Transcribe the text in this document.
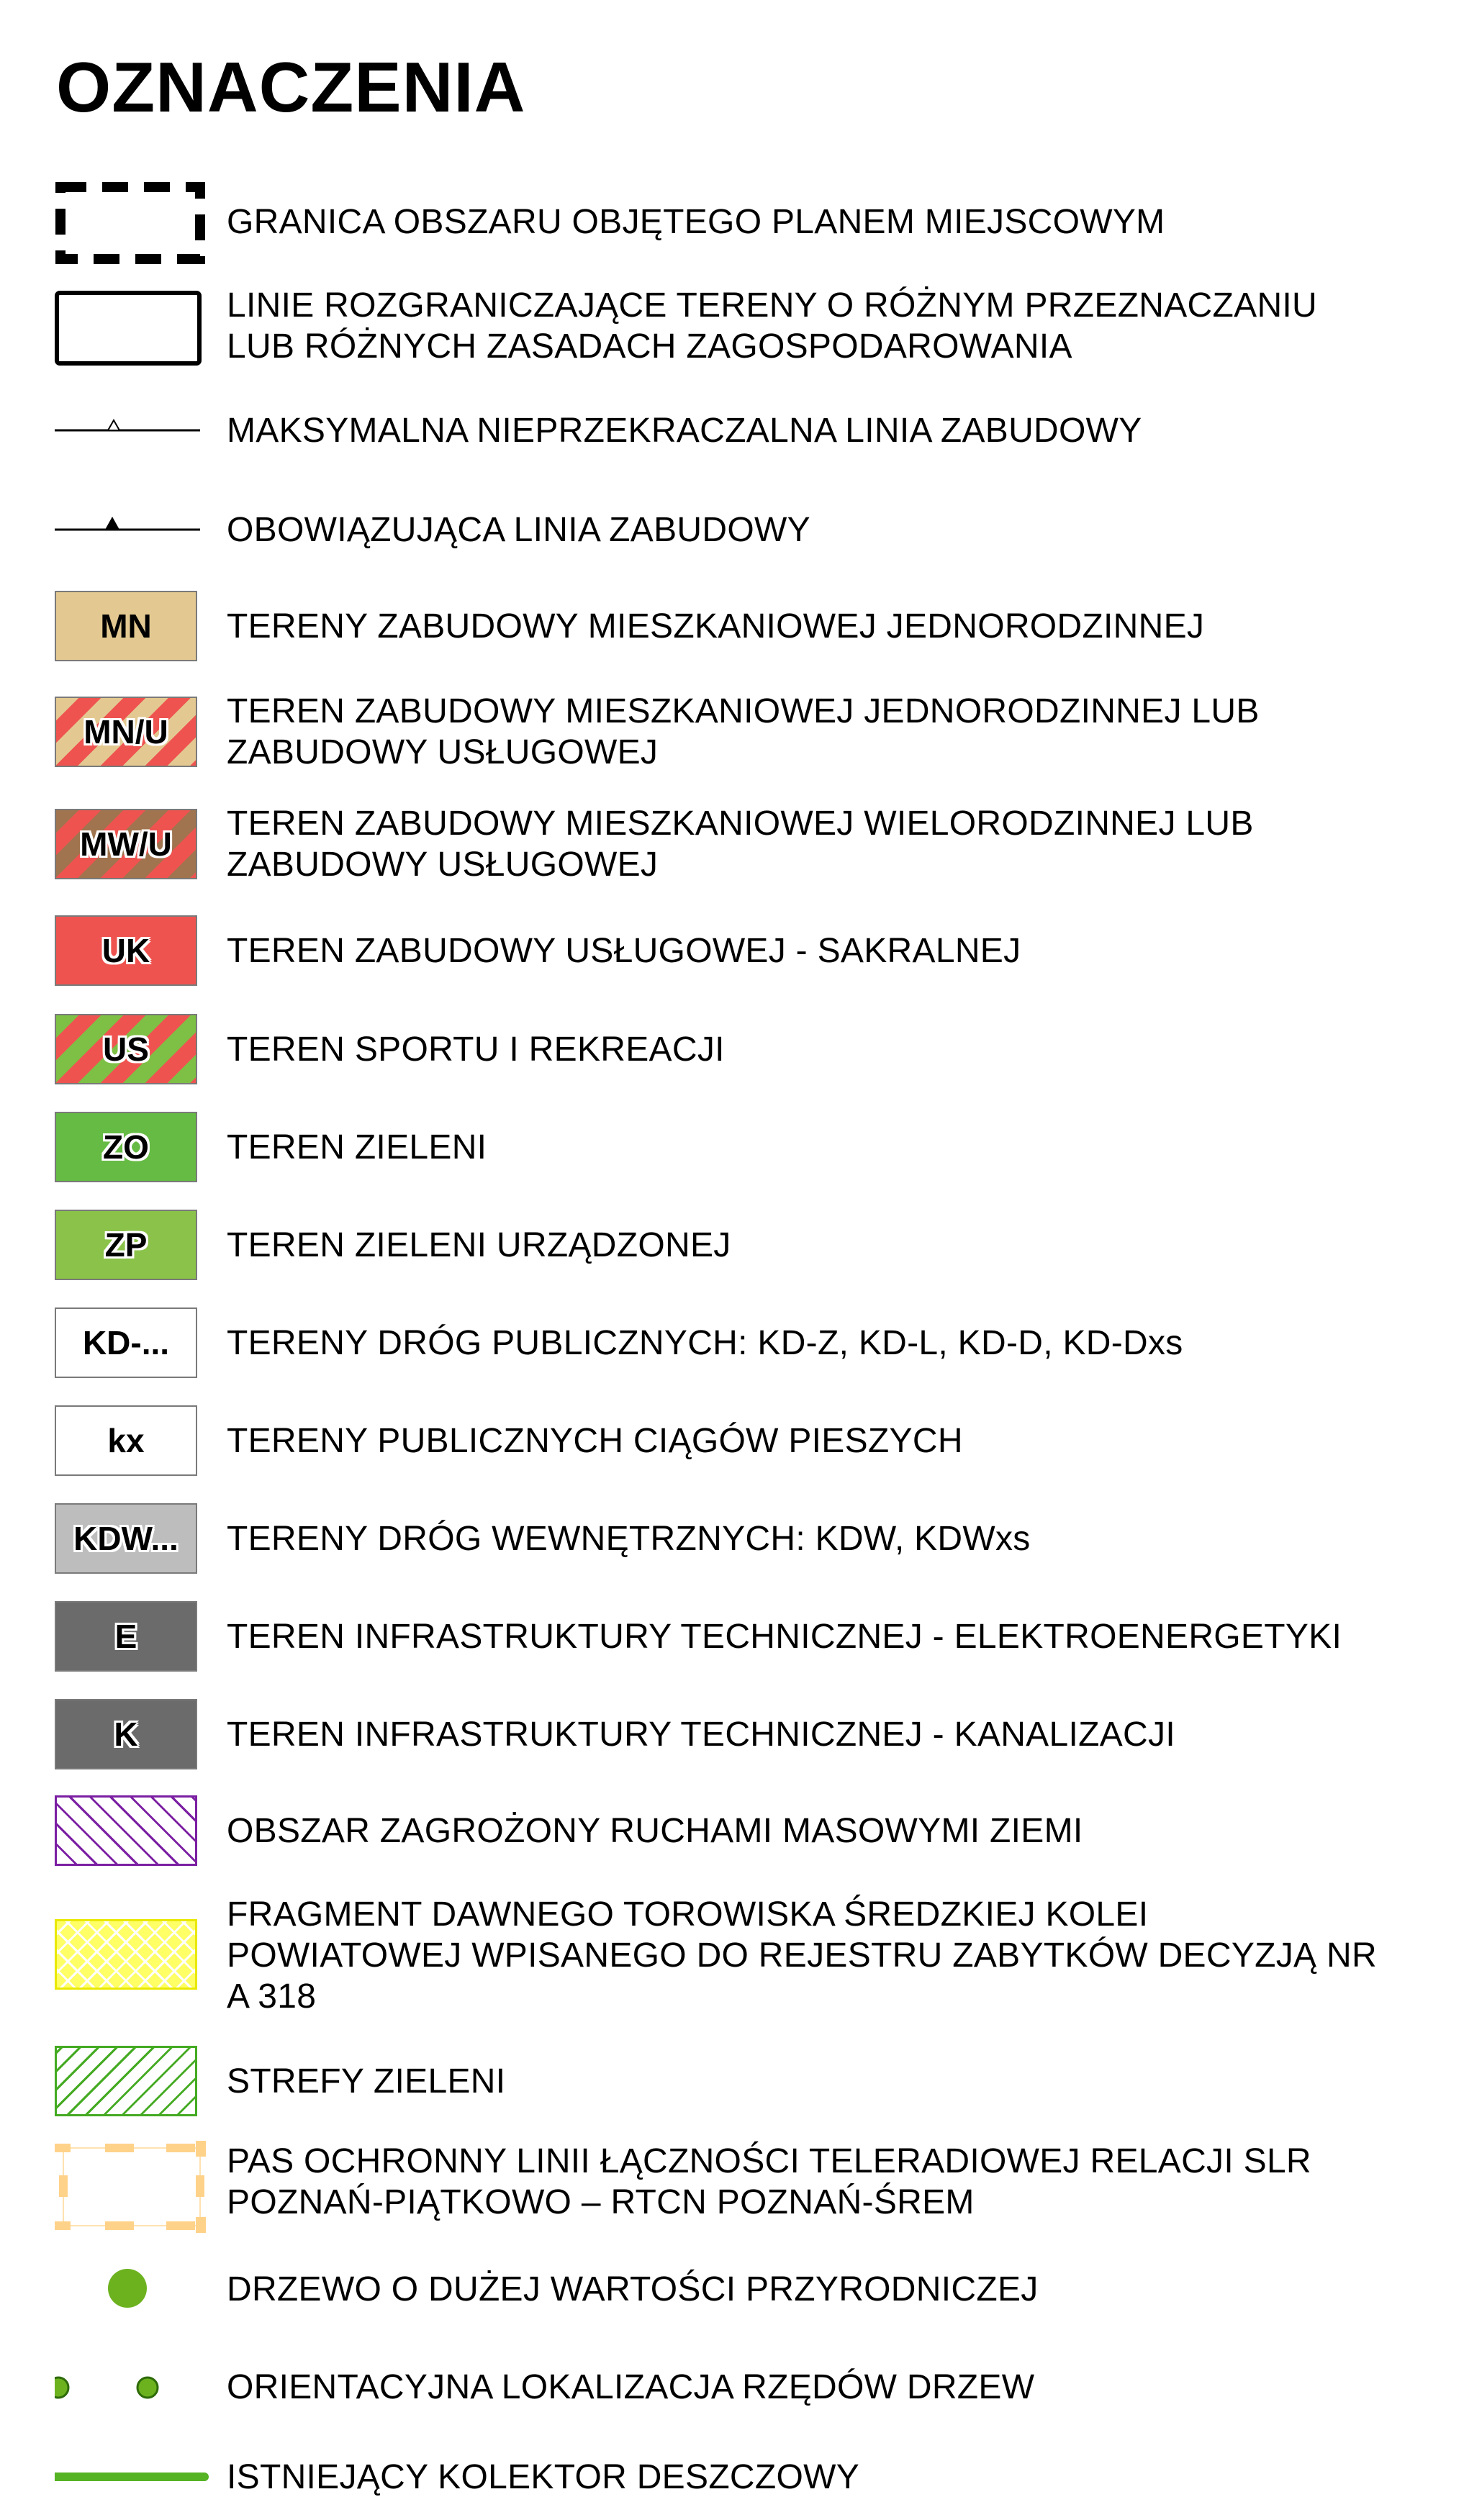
OZNACZENIA
GRANICA OBSZARU OBJĘTEGO PLANEM MIEJSCOWYM
LINIE ROZGRANICZAJĄCE TERENY O RÓŻNYM PRZEZNACZANIU
LUB RÓŻNYCH ZASADACH ZAGOSPODAROWANIA
MAKSYMALNA NIEPRZEKRACZALNA LINIA ZABUDOWY
OBOWIĄZUJĄCA LINIA ZABUDOWY
MN TERENY ZABUDOWY MIESZKANIOWEJ JEDNORODZINNEJ
MN/U
TEREN ZABUDOWY MIESZKANIOWEJ JEDNORODZINNEJ LUB
ZABUDOWY USŁUGOWEJ
MW/U
TEREN ZABUDOWY MIESZKANIOWEJ WIELORODZINNEJ LUB
ZABUDOWY USŁUGOWEJ
UK TEREN ZABUDOWY USŁUGOWEJ - SAKRALNEJ
US TEREN SPORTU I REKREACJI
ZO TEREN ZIELENI
ZP TEREN ZIELENI URZĄDZONEJ
KD-... TERENY DRÓG PUBLICZNYCH: KD-Z, KD-L, KD-D, KD-Dxs
kx TERENY PUBLICZNYCH CIĄGÓW PIESZYCH
KDW... TERENY DRÓG WEWNĘTRZNYCH: KDW, KDWxs
E	TEREN INFRASTRUKTURY TECHNICZNEJ - ELEKTROENERGETYKI
K	TEREN INFRASTRUKTURY TECHNICZNEJ - KANALIZACJI
OBSZAR ZAGROŻONY RUCHAMI MASOWYMI ZIEMI
FRAGMENT DAWNEGO TOROWISKA ŚREDZKIEJ KOLEI
POWIATOWEJ WPISANEGO DO REJESTRU ZABYTKÓW DECYZJĄ NR
A 318
STREFY ZIELENI
PAS OCHRONNY LINII ŁĄCZNOŚCI TELERADIOWEJ RELACJI SLR
POZNAŃ-PIĄTKOWO – RTCN POZNAŃ-ŚREM
DRZEWO O DUŻEJ WARTOŚCI PRZYRODNICZEJ
ORIENTACYJNA LOKALIZACJA RZĘDÓW DRZEW
ISTNIEJĄCY KOLEKTOR DESZCZOWY
